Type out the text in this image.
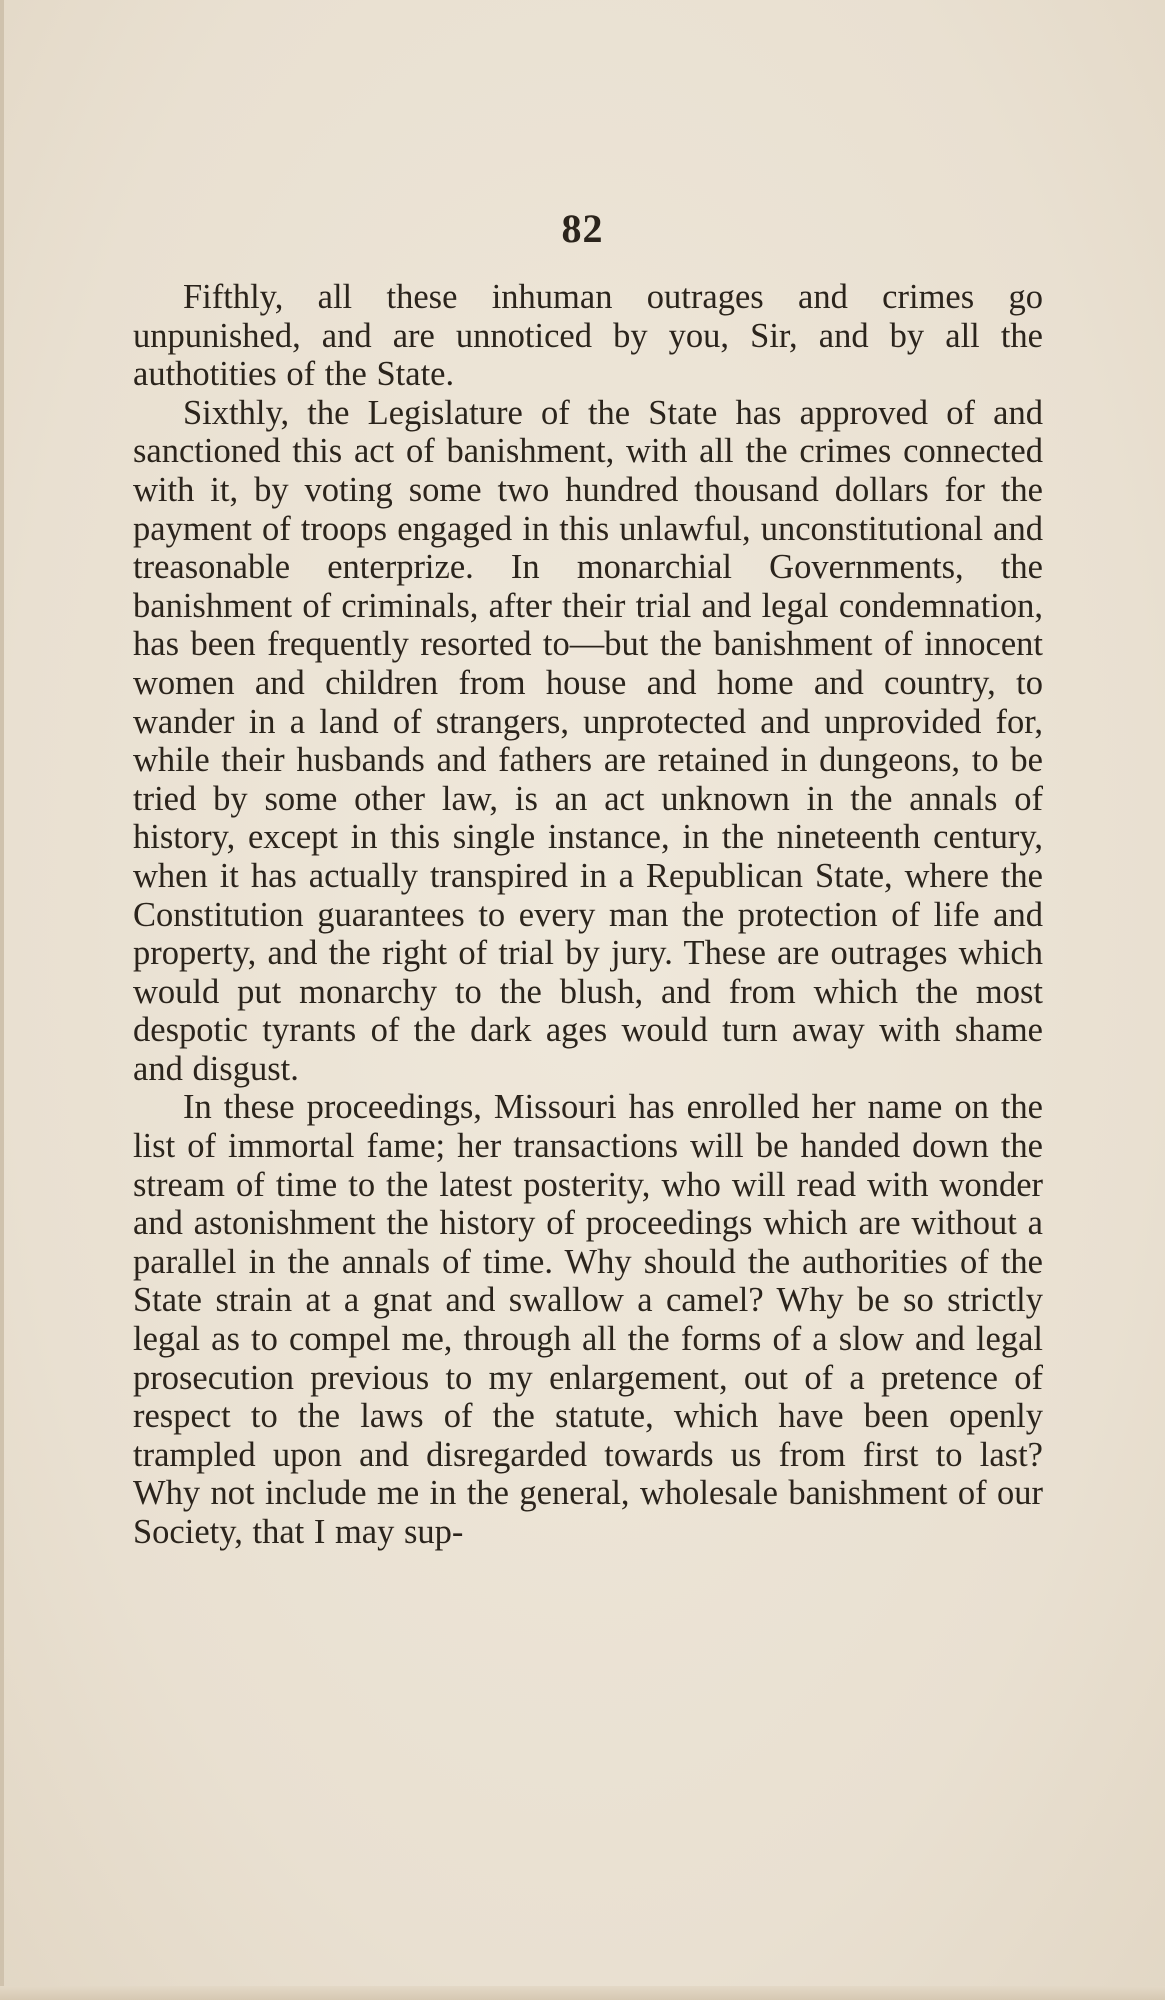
82

Fifthly, all these inhuman outrages and crimes go unpunished, and are unnoticed by you, Sir, and by all the authotities of the State.

Sixthly, the Legislature of the State has approved of and sanctioned this act of banishment, with all the crimes connected with it, by voting some two hundred thousand dollars for the payment of troops engaged in this unlawful, unconstitutional and treasonable enterprize. In monarchial Governments, the banishment of criminals, after their trial and legal condemnation, has been frequently resorted to—but the banishment of innocent women and children from house and home and country, to wander in a land of strangers, unprotected and unprovided for, while their husbands and fathers are retained in dungeons, to be tried by some other law, is an act unknown in the annals of history, except in this single instance, in the nineteenth century, when it has actually transpired in a Republican State, where the Constitution guarantees to every man the protection of life and property, and the right of trial by jury. These are outrages which would put monarchy to the blush, and from which the most despotic tyrants of the dark ages would turn away with shame and disgust.

In these proceedings, Missouri has enrolled her name on the list of immortal fame; her transactions will be handed down the stream of time to the latest posterity, who will read with wonder and astonishment the history of proceedings which are without a parallel in the annals of time. Why should the authorities of the State strain at a gnat and swallow a camel? Why be so strictly legal as to compel me, through all the forms of a slow and legal prosecution previous to my enlargement, out of a pretence of respect to the laws of the statute, which have been openly trampled upon and disregarded towards us from first to last? Why not include me in the general, wholesale banishment of our Society, that I may sup-
